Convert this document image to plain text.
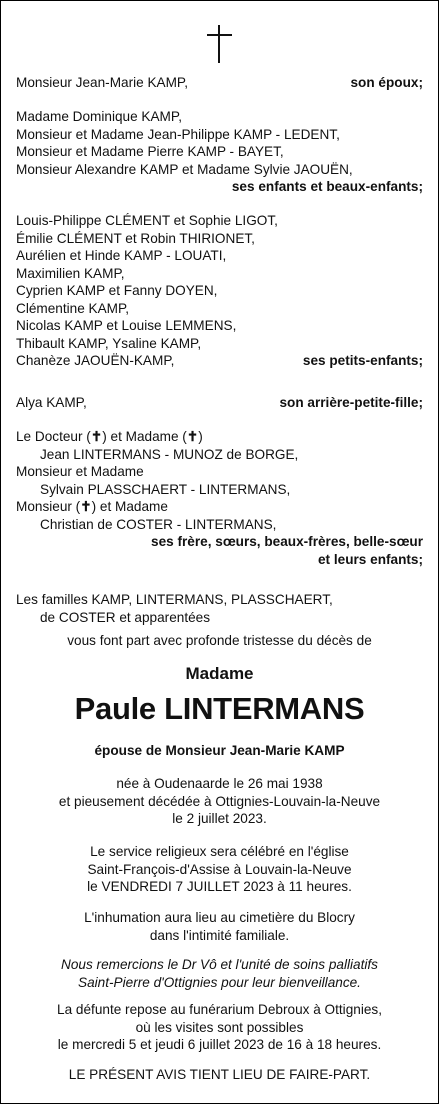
Monsieur Jean-Marie KAMP,	son époux;
Madame Dominique KAMP,
Monsieur et Madame Jean-Philippe KAMP - LEDENT,
Monsieur et Madame Pierre KAMP - BAYET,
Monsieur Alexandre KAMP et Madame Sylvie JAOUËN,
ses enfants et beaux-enfants;
Louis-Philippe CLÉMENT et Sophie LIGOT,
Émilie CLÉMENT et Robin THIRIONET,
Aurélien et Hinde KAMP - LOUATI,
Maximilien KAMP,
Cyprien KAMP et Fanny DOYEN,
Clémentine KAMP,
Nicolas KAMP et Louise LEMMENS,
Thibault KAMP, Ysaline KAMP,
Chanèze JAOUËN-KAMP,	ses petits-enfants;
Alya KAMP,	son arrière-petite-fille;
Le Docteur (✝) et Madame (✝)
Jean LINTERMANS - MUNOZ de BORGE,
Monsieur et Madame
Sylvain PLASSCHAERT - LINTERMANS,
Monsieur (✝) et Madame
Christian de COSTER - LINTERMANS,
ses frère, sœurs, beaux-frères, belle-sœur
et leurs enfants;
Les familles KAMP, LINTERMANS, PLASSCHAERT,
de COSTER et apparentées
vous font part avec profonde tristesse du décès de
Madame
Paule LINTERMANS
épouse de Monsieur Jean-Marie KAMP
née à Oudenaarde le 26 mai 1938
et pieusement décédée à Ottignies-Louvain-la-Neuve
le 2 juillet 2023.
Le service religieux sera célébré en l'église
Saint-François-d'Assise à Louvain-la-Neuve
le VENDREDI 7 JUILLET 2023 à 11 heures.
L'inhumation aura lieu au cimetière du Blocry
dans l'intimité familiale.
Nous remercions le Dr Vô et l'unité de soins palliatifs
Saint-Pierre d'Ottignies pour leur bienveillance.
La défunte repose au funérarium Debroux à Ottignies,
où les visites sont possibles
le mercredi 5 et jeudi 6 juillet 2023 de 16 à 18 heures.
LE PRÉSENT AVIS TIENT LIEU DE FAIRE-PART.
